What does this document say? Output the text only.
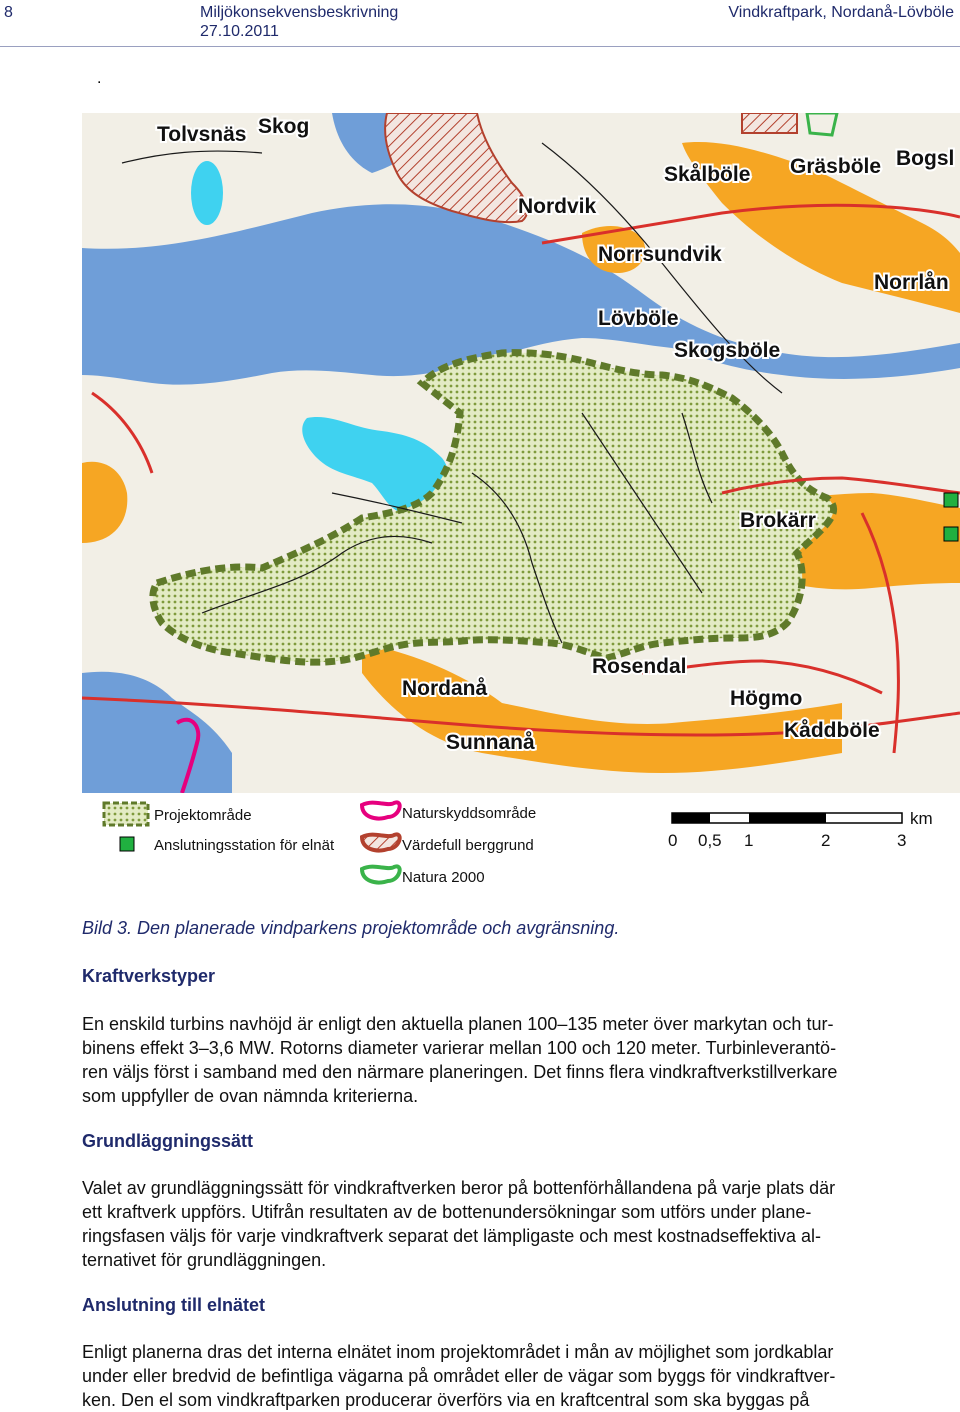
8	Miljökonsekvensbeskrivning
27.10.2011
Vindkraftpark, Nordanå-Lövböle
.
Tolvsnäs Skog
Skålböle Gräsböle Bogsl
Nordvik
Norrsundvik
Norrlån
Lövböle
Skogsböle
Brokärr
Rosendal
Nordanå	Högmo
Kåddböle
Sunnanå
Projektområde
Anslutningsstation för elnät
Naturskyddsområde
Värdefull berggrund
Natura 2000
km
0 0,5 1	2	3
Bild 3. Den planerade vindparkens projektområde och avgränsning.
Kraftverkstyper
En enskild turbins navhöjd är enligt den aktuella planen 100–135 meter över markytan och tur-
binens effekt 3–3,6 MW. Rotorns diameter varierar mellan 100 och 120 meter. Turbinleverantö-
ren väljs först i samband med den närmare planeringen. Det finns flera vindkraftverkstillverkare
som uppfyller de ovan nämnda kriterierna.
Grundläggningssätt
Valet av grundläggningssätt för vindkraftverken beror på bottenförhållandena på varje plats där
ett kraftverk uppförs. Utifrån resultaten av de bottenundersökningar som utförs under plane-
ringsfasen väljs för varje vindkraftverk separat det lämpligaste och mest kostnadseffektiva al-
ternativet för grundläggningen.
Anslutning till elnätet
Enligt planerna dras det interna elnätet inom projektområdet i mån av möjlighet som jordkablar
under eller bredvid de befintliga vägarna på området eller de vägar som byggs för vindkraftver-
ken. Den el som vindkraftparken producerar överförs via en kraftcentral som ska byggas på
